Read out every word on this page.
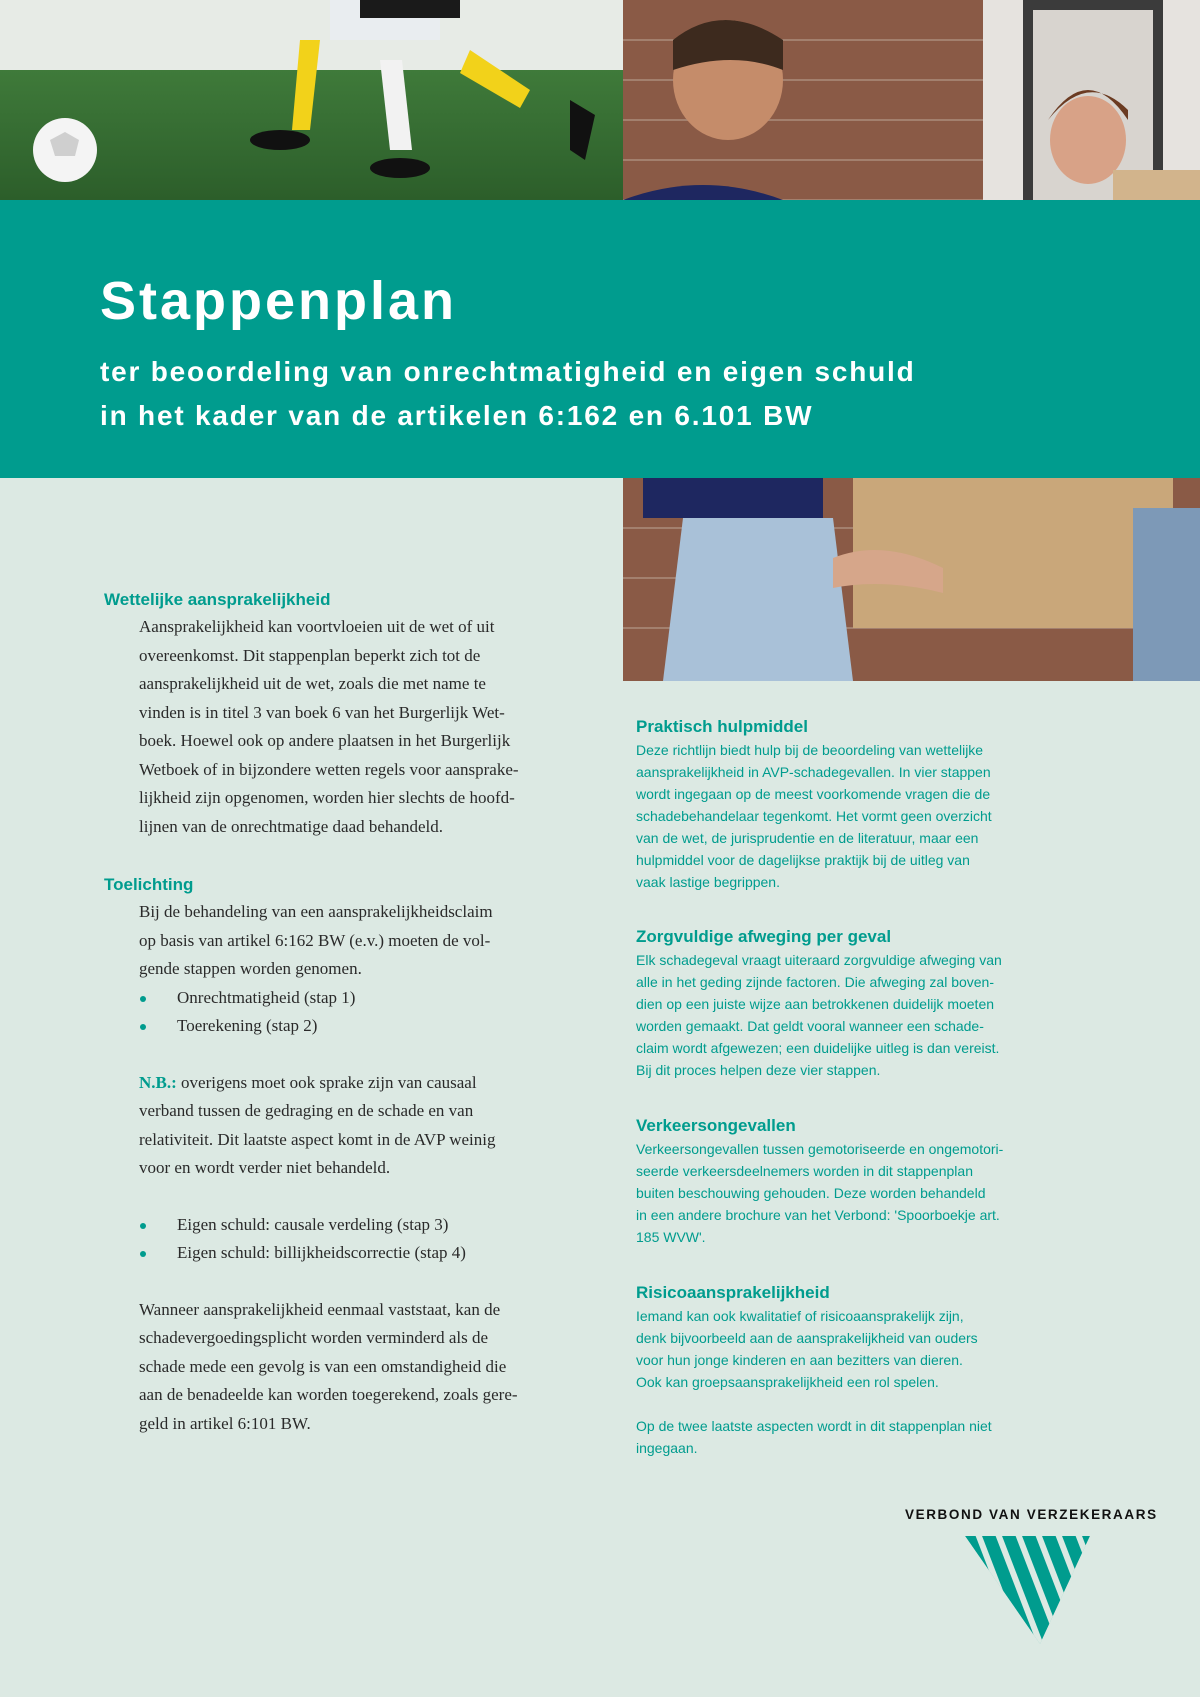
Stappenplan

ter beoordeling van onrechtmatigheid en eigen schuld

in het kader van de artikelen 6:162 en 6.101 BW

Wettelijke aansprakelijkheid

Aansprakelijkheid kan voortvloeien uit de wet of uit
overeenkomst. Dit stappenplan beperkt zich tot de
aansprakelijkheid uit de wet, zoals die met name te
vinden is in titel 3 van boek 6 van het Burgerlijk Wet-
boek. Hoewel ook op andere plaatsen in het Burgerlijk
Wetboek of in bijzondere wetten regels voor aansprake-
lijkheid zijn opgenomen, worden hier slechts de hoofd-
lijnen van de onrechtmatige daad behandeld.

Toelichting

Bij de behandeling van een aansprakelijkheidsclaim
op basis van artikel 6:162 BW (e.v.) moeten de vol-
gende stappen worden genomen.

Onrechtmatigheid (stap 1)
Toerekening (stap 2)

N.B.: overigens moet ook sprake zijn van causaal
verband tussen de gedraging en de schade en van
relativiteit. Dit laatste aspect komt in de AVP weinig
voor en wordt verder niet behandeld.

Eigen schuld: causale verdeling (stap 3)
Eigen schuld: billijkheidscorrectie (stap 4)

Wanneer aansprakelijkheid eenmaal vaststaat, kan de
schadevergoedingsplicht worden verminderd als de
schade mede een gevolg is van een omstandigheid die
aan de benadeelde kan worden toegerekend, zoals gere-
geld in artikel 6:101 BW.

Praktisch hulpmiddel

Deze richtlijn biedt hulp bij de beoordeling van wettelijke
aansprakelijkheid in AVP-schadegevallen. In vier stappen
wordt ingegaan op de meest voorkomende vragen die de
schadebehandelaar tegenkomt. Het vormt geen overzicht
van de wet, de jurisprudentie en de literatuur, maar een
hulpmiddel voor de dagelijkse praktijk bij de uitleg van
vaak lastige begrippen.

Zorgvuldige afweging per geval

Elk schadegeval vraagt uiteraard zorgvuldige afweging van
alle in het geding zijnde factoren. Die afweging zal boven-
dien op een juiste wijze aan betrokkenen duidelijk moeten
worden gemaakt. Dat geldt vooral wanneer een schade-
claim wordt afgewezen; een duidelijke uitleg is dan vereist.
Bij dit proces helpen deze vier stappen.

Verkeersongevallen

Verkeersongevallen tussen gemotoriseerde en ongemotori-
seerde verkeersdeelnemers worden in dit stappenplan
buiten beschouwing gehouden. Deze worden behandeld
in een andere brochure van het Verbond: 'Spoorboekje art.
185 WVW'.

Risicoaansprakelijkheid

Iemand kan ook kwalitatief of risicoaansprakelijk zijn,
denk bijvoorbeeld aan de aansprakelijkheid van ouders
voor hun jonge kinderen en aan bezitters van dieren.
Ook kan groepsaansprakelijkheid een rol spelen.

Op de twee laatste aspecten wordt in dit stappenplan niet
ingegaan.

VERBOND VAN VERZEKERAARS
